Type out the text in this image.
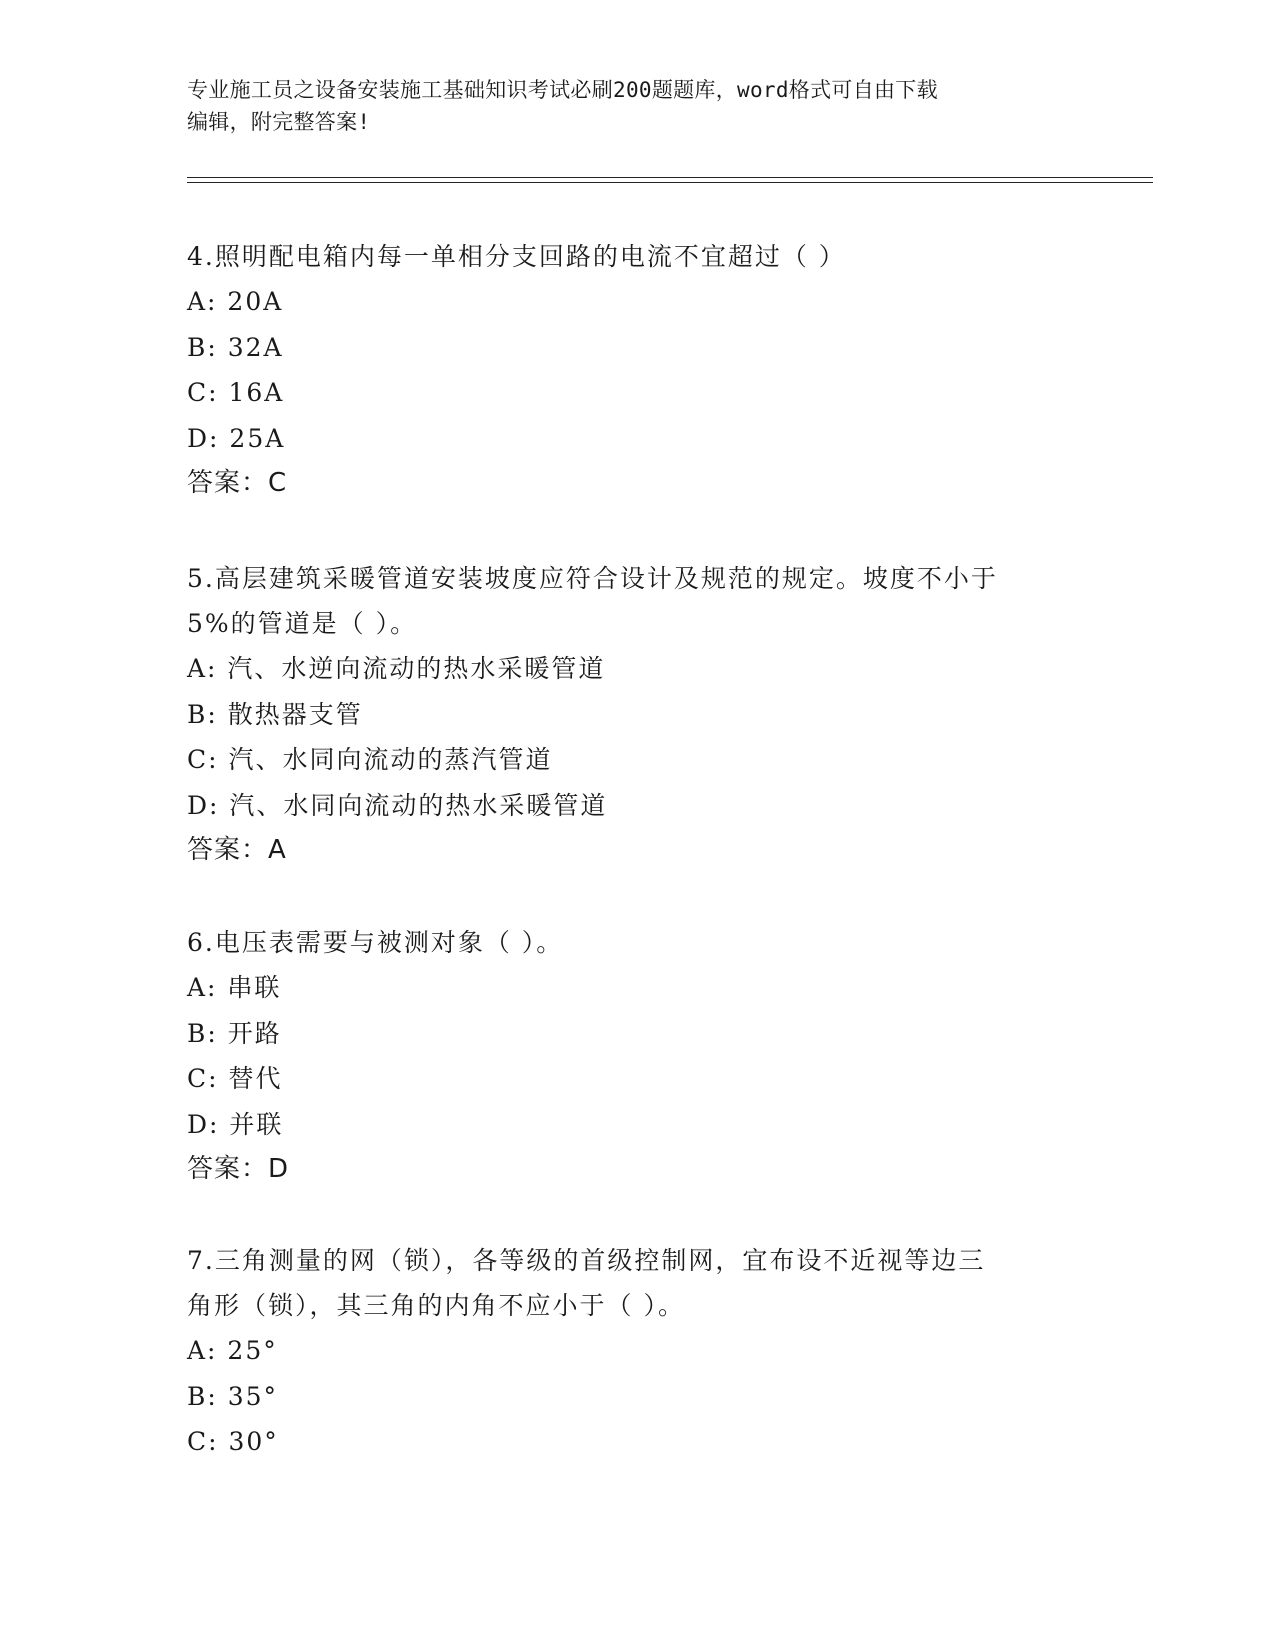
专业施工员之设备安装施工基础知识考试必刷200题题库，word格式可自由下载
编辑，附完整答案!

4.照明配电箱内每一单相分支回路的电流不宜超过（ ）

A: 20A

B: 32A

C: 16A

D: 25A

答案：C

5.高层建筑采暖管道安装坡度应符合设计及规范的规定。坡度不小于

5%的管道是（ ）。

A: 汽、水逆向流动的热水采暖管道

B: 散热器支管

C: 汽、水同向流动的蒸汽管道

D: 汽、水同向流动的热水采暖管道

答案：A

6.电压表需要与被测对象（ ）。

A: 串联

B: 开路

C: 替代

D: 并联

答案：D

7.三角测量的网（锁），各等级的首级控制网，宜布设不近视等边三

角形（锁），其三角的内角不应小于（ ）。

A: 25°

B: 35°

C: 30°
